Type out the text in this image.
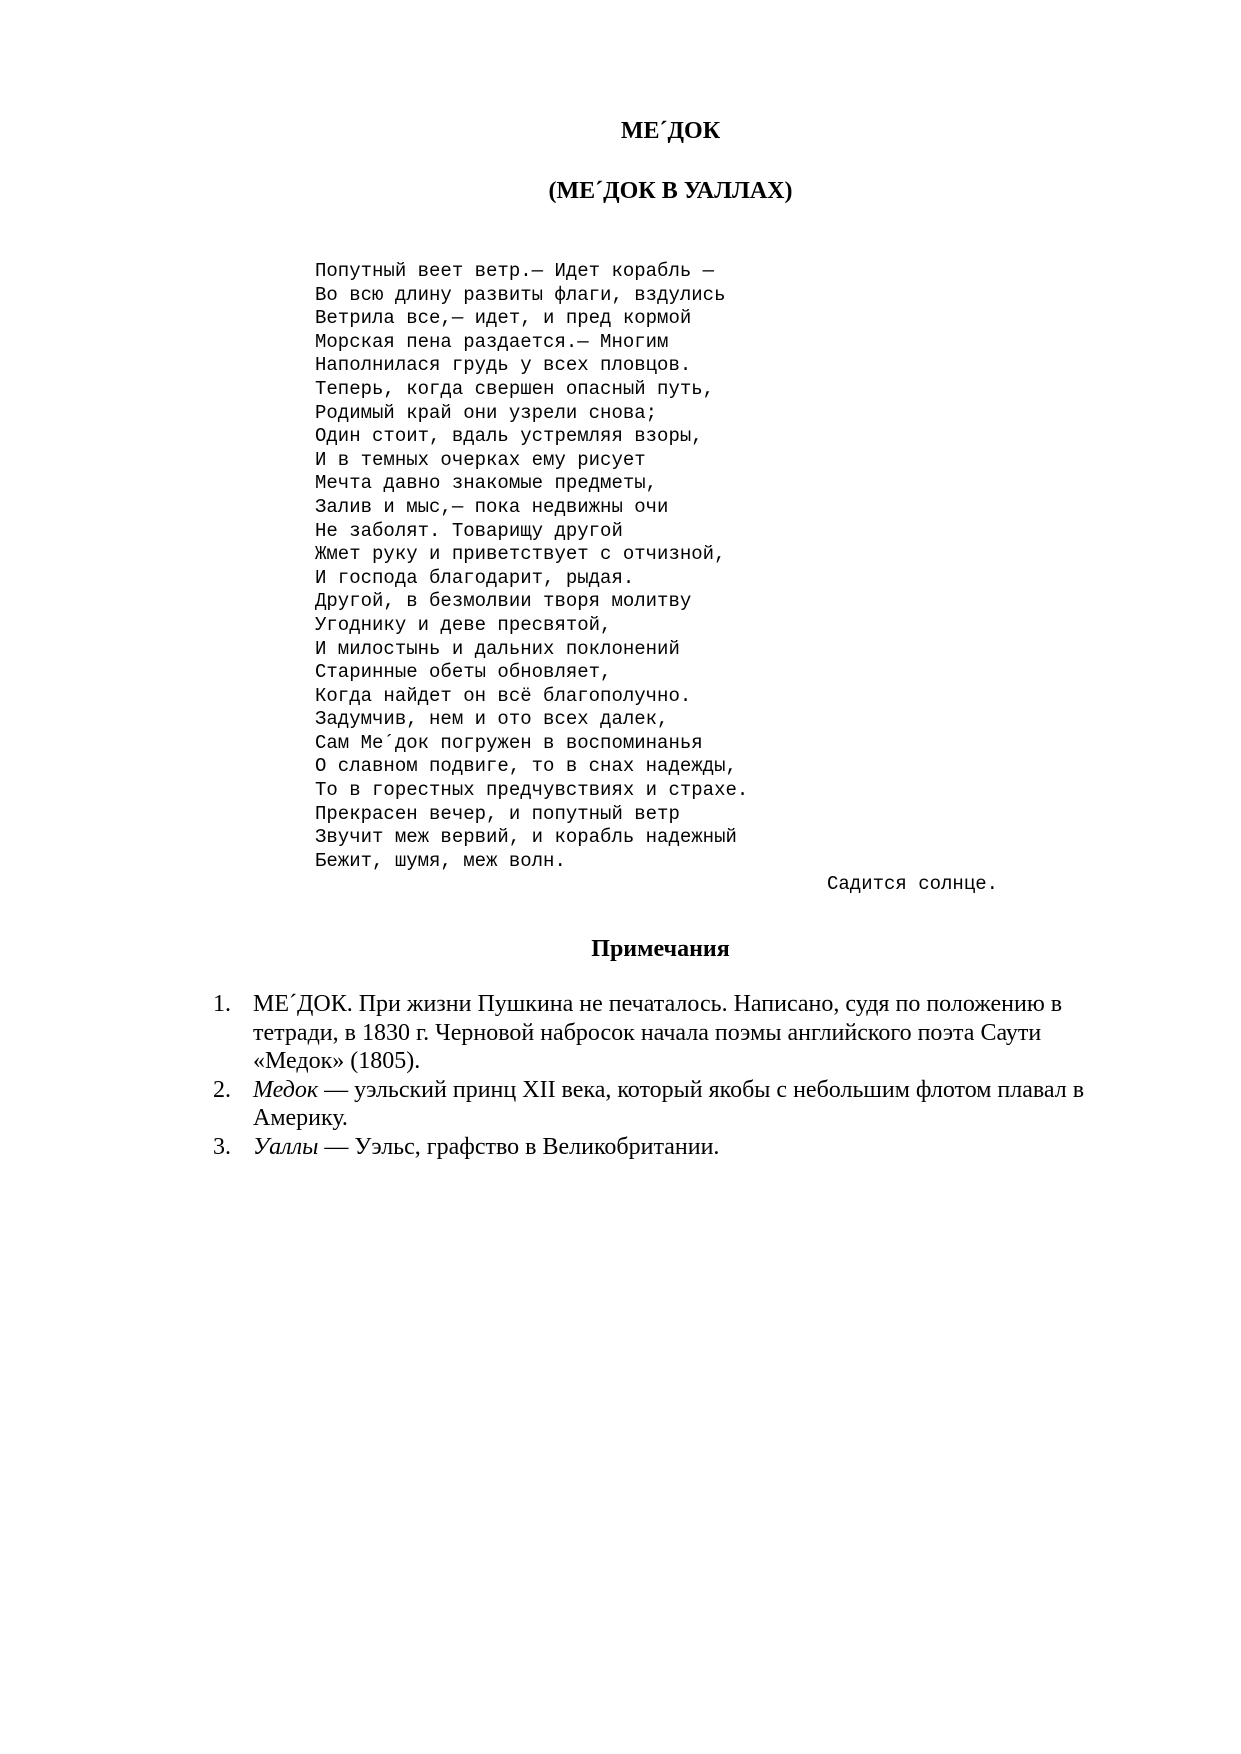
МЕ´ДОК
(МЕ´ДОК В УАЛЛАХ)
Попутный веет ветр.— Идет корабль —
Во всю длину развиты флаги, вздулись
Ветрила все,— идет, и пред кормой
Морская пена раздается.— Многим
Наполнилася грудь у всех пловцов.
Теперь, когда свершен опасный путь,
Родимый край они узрели снова;
Один стоит, вдаль устремляя взоры,
И в темных очерках ему рисует
Мечта давно знакомые предметы,
Залив и мыс,— пока недвижны очи
Не заболят. Товарищу другой
Жмет руку и приветствует с отчизной,
И господа благодарит, рыдая.
Другой, в безмолвии творя молитву
Угоднику и деве пресвятой,
И милостынь и дальних поклонений
Старинные обеты обновляет,
Когда найдет он всё благополучно.
Задумчив, нем и ото всех далек,
Сам Ме´док погружен в воспоминанья
О славном подвиге, то в снах надежды,
То в горестных предчувствиях и страхе.
Прекрасен вечер, и попутный ветр
Звучит меж вервий, и корабль надежный
Бежит, шумя, меж волн.
Садится солнце.
Примечания
1. МЕ´ДОК. При жизни Пушкина не печаталось. Написано, судя по положению в тетради, в 1830 г. Черновой набросок начала поэмы английского поэта Саути «Медок» (1805).
2. Медок — уэльский принц XII века, который якобы с небольшим флотом плавал в Америку.
3. Уаллы — Уэльс, графство в Великобритании.
